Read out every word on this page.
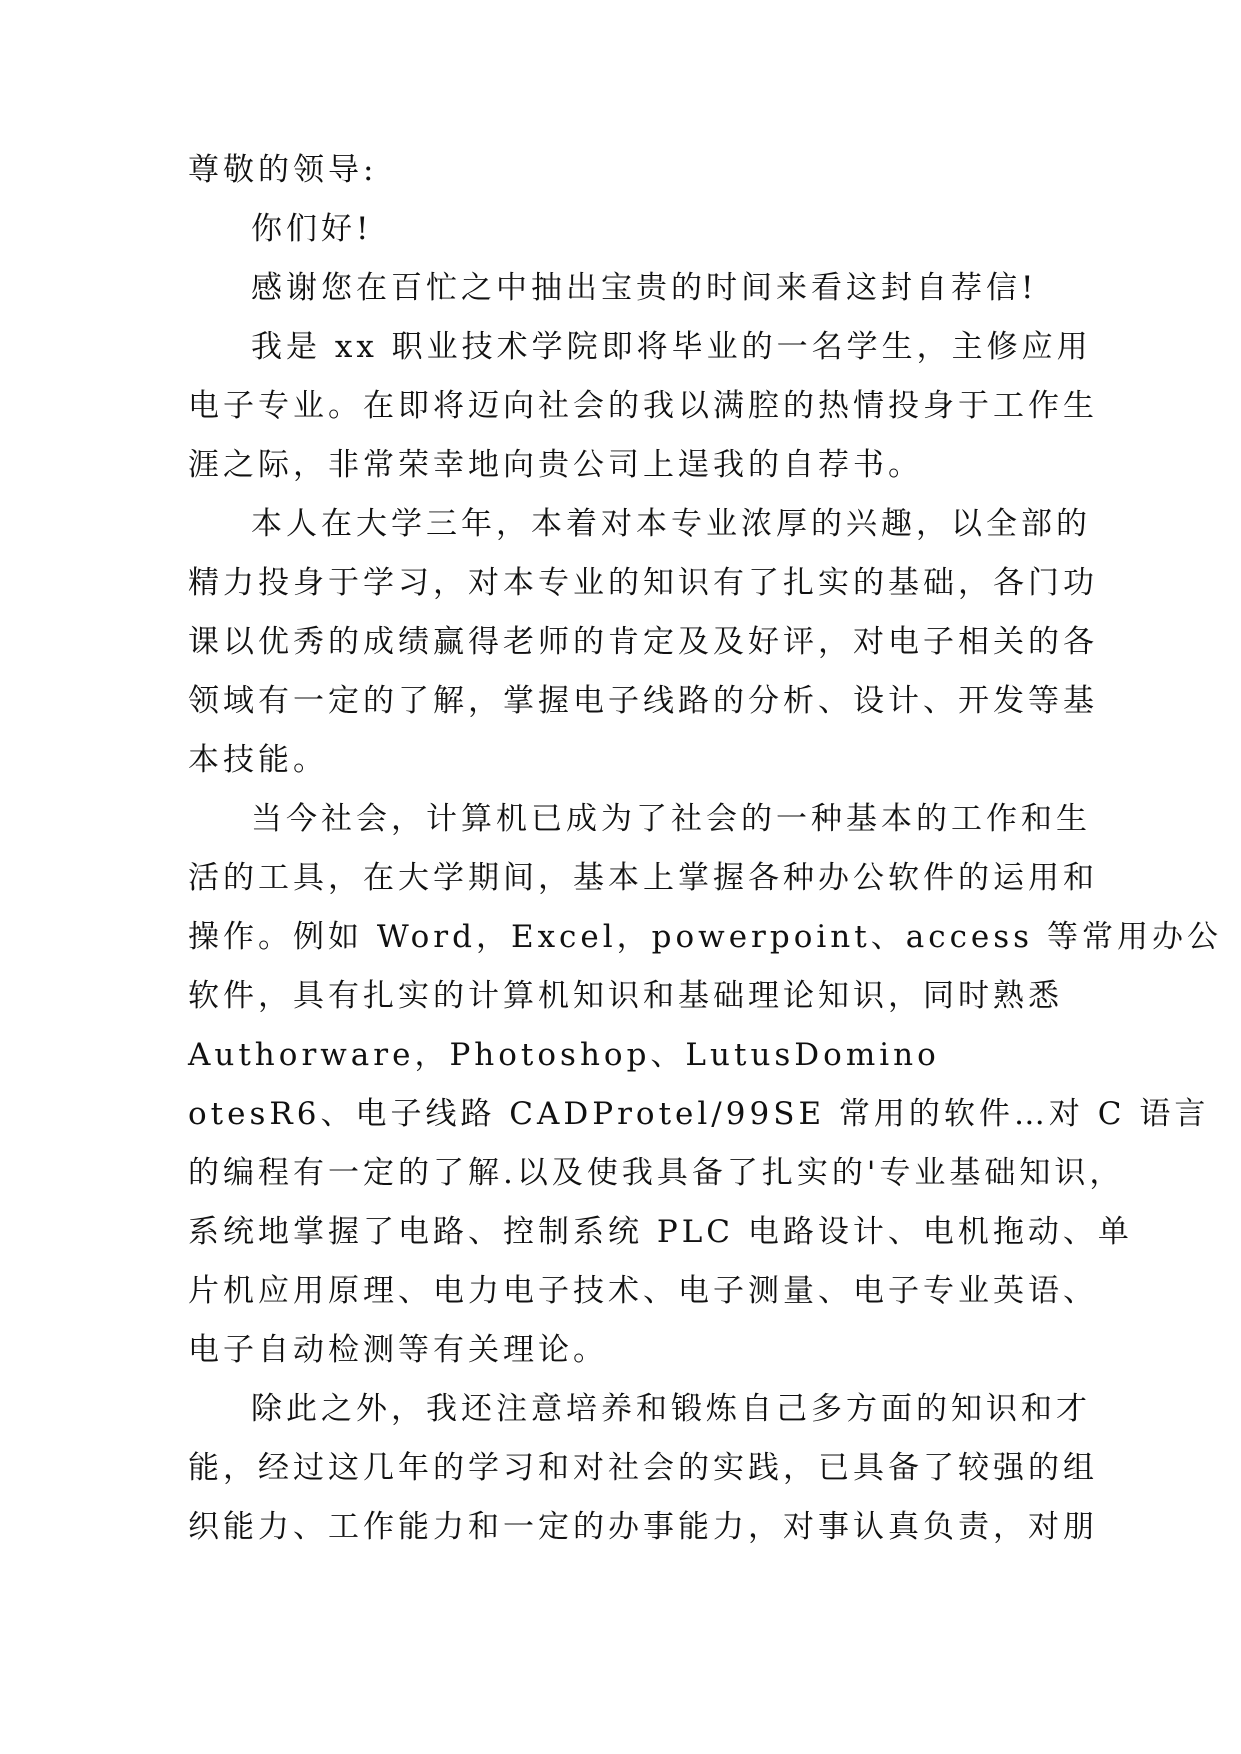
尊敬的领导:
你们好!
感谢您在百忙之中抽出宝贵的时间来看这封自荐信!
我是 xx 职业技术学院即将毕业的一名学生，主修应用
电子专业。在即将迈向社会的我以满腔的热情投身于工作生
涯之际，非常荣幸地向贵公司上逞我的自荐书。
本人在大学三年，本着对本专业浓厚的兴趣，以全部的
精力投身于学习，对本专业的知识有了扎实的基础，各门功
课以优秀的成绩赢得老师的肯定及及好评，对电子相关的各
领域有一定的了解，掌握电子线路的分析、设计、开发等基
本技能。
当今社会，计算机已成为了社会的一种基本的工作和生
活的工具，在大学期间，基本上掌握各种办公软件的运用和
操作。例如 Word，Excel，powerpoint、access 等常用办公
软件，具有扎实的计算机知识和基础理论知识，同时熟悉
Authorware，Photoshop、LutusDomino
otesR6、电子线路 CADProtel/99SE 常用的软件…对 C 语言
的编程有一定的了解.以及使我具备了扎实的'专业基础知识，
系统地掌握了电路、控制系统 PLC 电路设计、电机拖动、单
片机应用原理、电力电子技术、电子测量、电子专业英语、
电子自动检测等有关理论。
除此之外，我还注意培养和锻炼自己多方面的知识和才
能，经过这几年的学习和对社会的实践，已具备了较强的组
织能力、工作能力和一定的办事能力，对事认真负责，对朋
